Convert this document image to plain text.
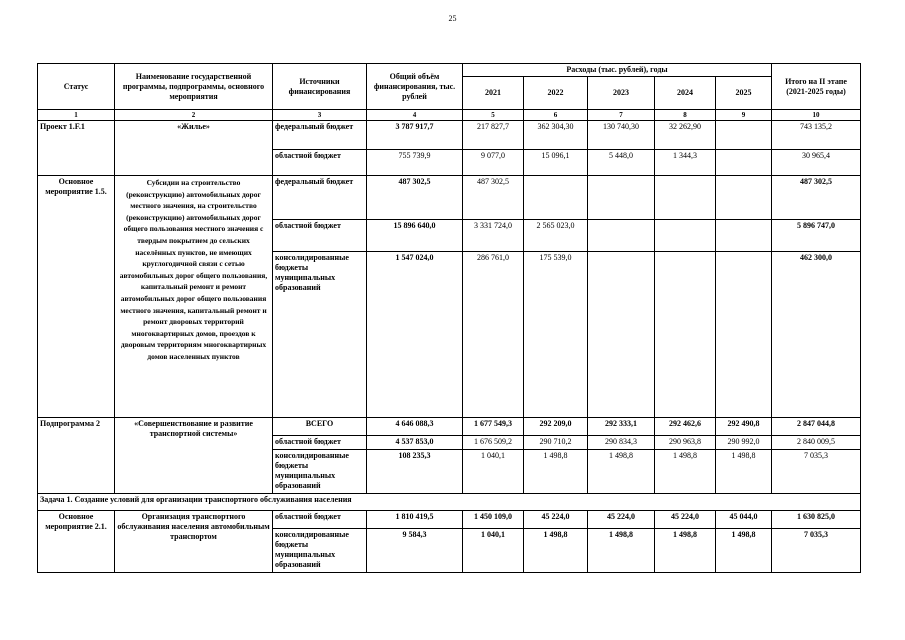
25
Статус	Наименование государственной программы, подпрограммы, основного мероприятия	Источники финансирования	Общий объём финансирования, тыс. рублей	Расходы (тыс. рублей), годы					Итого на II этапе (2021-2025 годы)
				2021	2022	2023	2024	2025	
1	2	3	4	5	6	7	8	9	10
Проект 1.F.1	«Жилье»	федеральный бюджет	3 787 917,7	217 827,7	362 304,30	130 740,30	32 262,90		743 135,2
		областной бюджет	755 739,9	9 077,0	15 096,1	5 448,0	1 344,3		30 965,4
Основное мероприятие 1.5.	Субсидии на строительство (реконструкцию) автомобильных дорог местного значения, на строительство (реконструкцию) автомобильных дорог общего пользования местного значения с твердым покрытием до сельских населённых пунктов, не имеющих круглогодичной связи с сетью автомобильных дорог общего пользования, капитальный ремонт и ремонт автомобильных дорог общего пользования местного значения, капитальный ремонт и ремонт дворовых территорий многоквартирных домов, проездов к дворовым территориям многоквартирных домов населенных пунктов	федеральный бюджет	487 302,5	487 302,5					487 302,5
		областной бюджет	15 896 640,0	3 331 724,0	2 565 023,0				5 896 747,0
		консолидированные бюджеты муниципальных образований	1 547 024,0	286 761,0	175 539,0				462 300,0
Подпрограмма 2	«Совершенствование и развитие транспортной системы»	ВСЕГО	4 646 088,3	1 677 549,3	292 209,0	292 333,1	292 462,6	292 490,8	2 847 044,8
		областной бюджет	4 537 853,0	1 676 509,2	290 710,2	290 834,3	290 963,8	290 992,0	2 840 009,5
		консолидированные бюджеты муниципальных образований	108 235,3	1 040,1	1 498,8	1 498,8	1 498,8	1 498,8	7 035,3
Задача 1. Создание условий для организации транспортного обслуживания населения									
Основное мероприятие 2.1.	Организация транспортного обслуживания населения автомобильным транспортом	областной бюджет	1 810 419,5	1 450 109,0	45 224,0	45 224,0	45 224,0	45 044,0	1 630 825,0
		консолидированные бюджеты муниципальных образований	9 584,3	1 040,1	1 498,8	1 498,8	1 498,8	1 498,8	7 035,3
